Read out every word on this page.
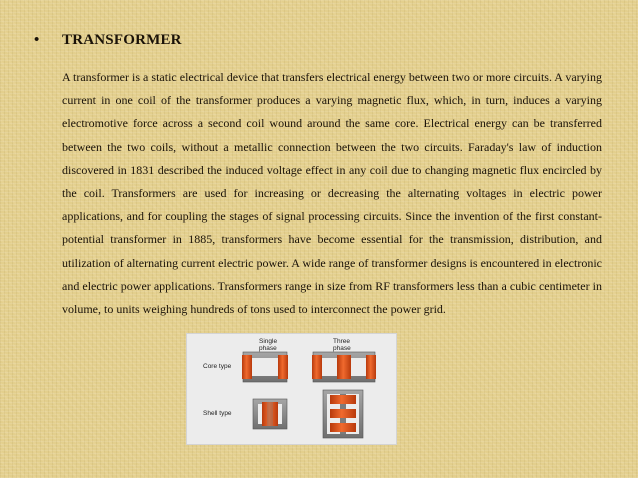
• TRANSFORMER

A transformer is a static electrical device that transfers electrical energy between two or more circuits. A varying current in one coil of the transformer produces a varying magnetic flux, which, in turn, induces a varying electromotive force across a second coil wound around the same core. Electrical energy can be transferred between the two coils, without a metallic connection between the two circuits. Faraday's law of induction discovered in 1831 described the induced voltage effect in any coil due to changing magnetic flux encircled by the coil. Transformers are used for increasing or decreasing the alternating voltages in electric power applications, and for coupling the stages of signal processing circuits. Since the invention of the first constant-potential transformer in 1885, transformers have become essential for the transmission, distribution, and utilization of alternating current electric power. A wide range of transformer designs is encountered in electronic and electric power applications. Transformers range in size from RF transformers less than a cubic centimeter in volume, to units weighing hundreds of tons used to interconnect the power grid.

Single
phase
Three
phase
Core type
Shell type
